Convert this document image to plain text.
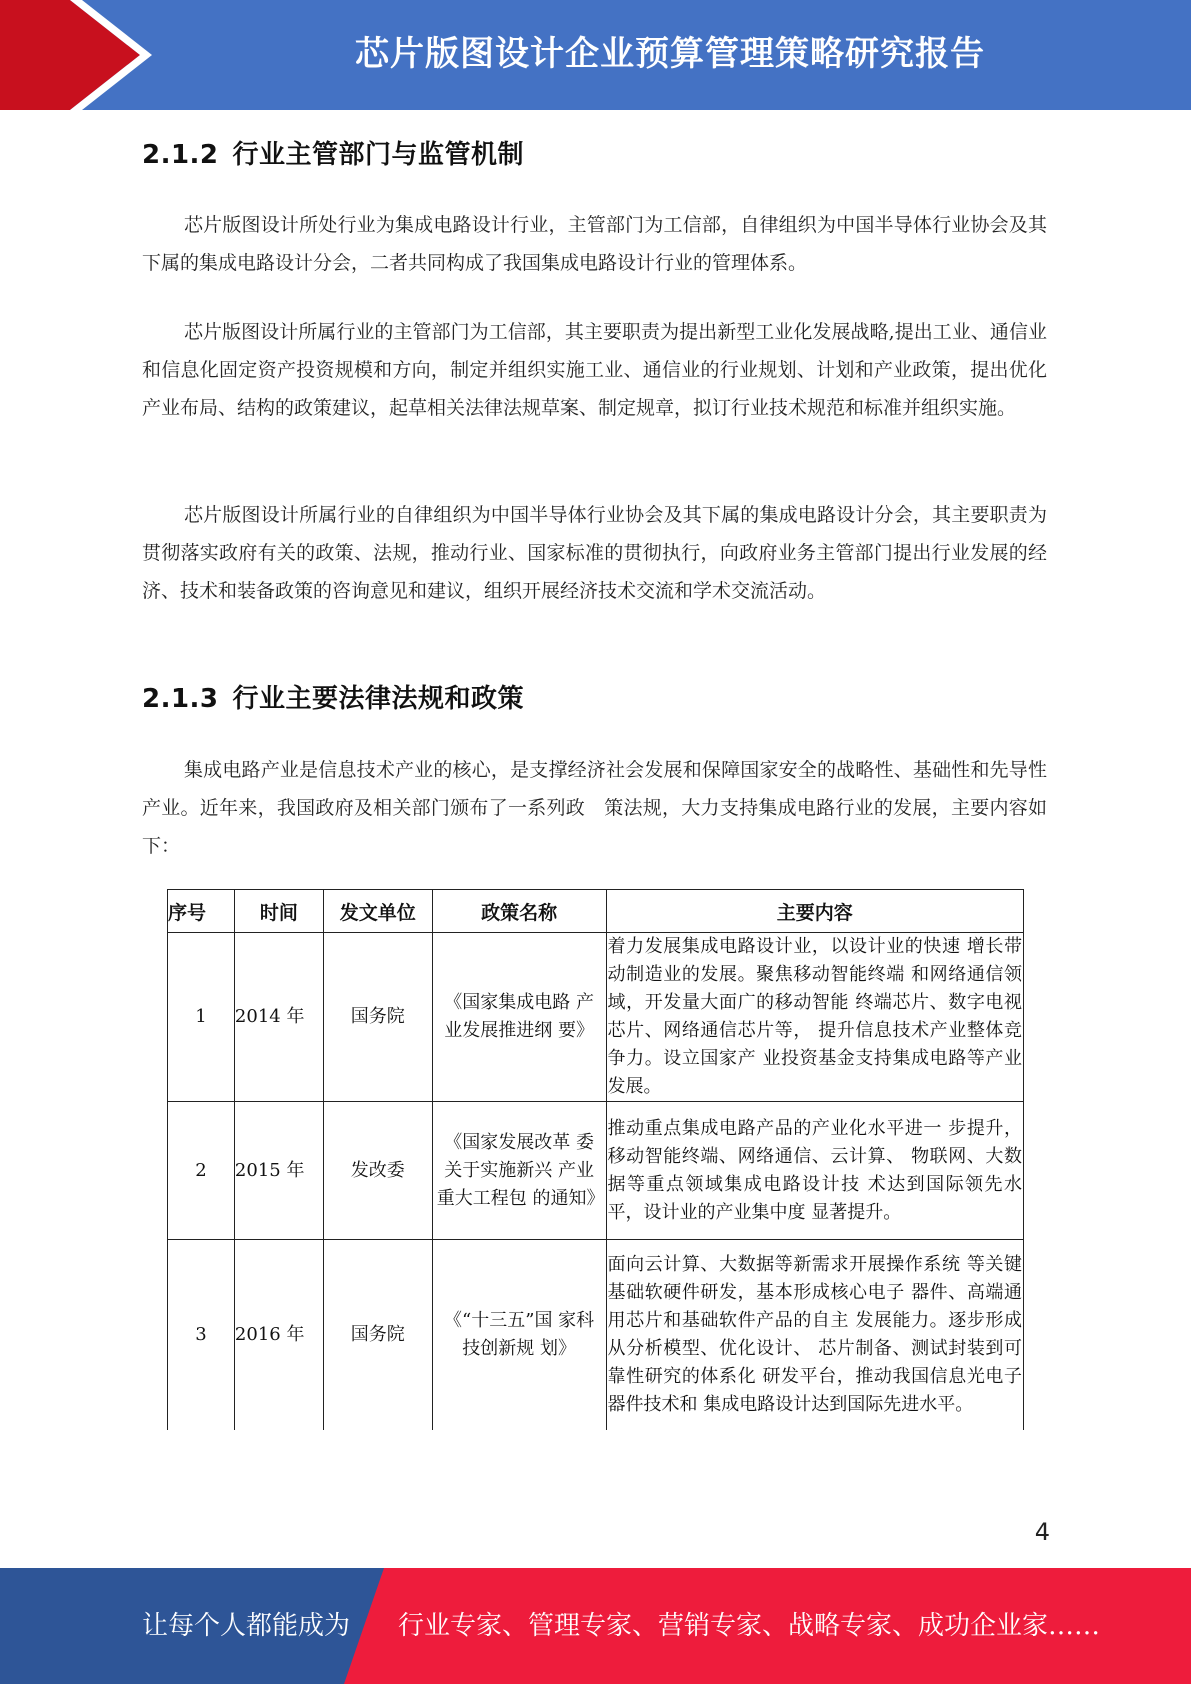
芯片版图设计企业预算管理策略研究报告
2.1.2 行业主管部门与监管机制

芯片版图设计所处行业为集成电路设计行业，主管部门为工信部，自律组织为中国半导体行业协会及其下属的集成电路设计分会，二者共同构成了我国集成电路设计行业的管理体系。

芯片版图设计所属行业的主管部门为工信部，其主要职责为提出新型工业化发展战略,提出工业、通信业和信息化固定资产投资规模和方向，制定并组织实施工业、通信业的行业规划、计划和产业政策，提出优化产业布局、结构的政策建议，起草相关法律法规草案、制定规章，拟订行业技术规范和标准并组织实施。

芯片版图设计所属行业的自律组织为中国半导体行业协会及其下属的集成电路设计分会，其主要职责为贯彻落实政府有关的政策、法规，推动行业、国家标准的贯彻执行，向政府业务主管部门提出行业发展的经济、技术和装备政策的咨询意见和建议，组织开展经济技术交流和学术交流活动。

2.1.3 行业主要法律法规和政策

集成电路产业是信息技术产业的核心，是支撑经济社会发展和保障国家安全的战略性、基础性和先导性产业。近年来，我国政府及相关部门颁布了一系列政　策法规，大力支持集成电路行业的发展，主要内容如下：

序号	时间	发文单位	政策名称	主要内容
1	2014 年	国务院	《国家集成电路 产业发展推进纲 要》	着力发展集成电路设计业，以设计业的快速 增长带动制造业的发展。聚焦移动智能终端 和网络通信领域，开发量大面广的移动智能 终端芯片、数字电视芯片、网络通信芯片等， 提升信息技术产业整体竞争力。设立国家产 业投资基金支持集成电路等产业发展。
2	2015 年	发改委	《国家发展改革 委关于实施新兴 产业重大工程包 的通知》	推动重点集成电路产品的产业化水平进一 步提升，移动智能终端、网络通信、云计算、 物联网、大数据等重点领域集成电路设计技 术达到国际领先水平，设计业的产业集中度 显著提升。
3	2016 年	国务院	《“十三五”国 家科技创新规 划》	面向云计算、大数据等新需求开展操作系统 等关键基础软硬件研发，基本形成核心电子 器件、高端通用芯片和基础软件产品的自主 发展能力。逐步形成从分析模型、优化设计、 芯片制备、测试封装到可靠性研究的体系化 研发平台，推动我国信息光电子器件技术和 集成电路设计达到国际先进水平。
4
让每个人都能成为 行业专家、管理专家、营销专家、战略专家、成功企业家……
